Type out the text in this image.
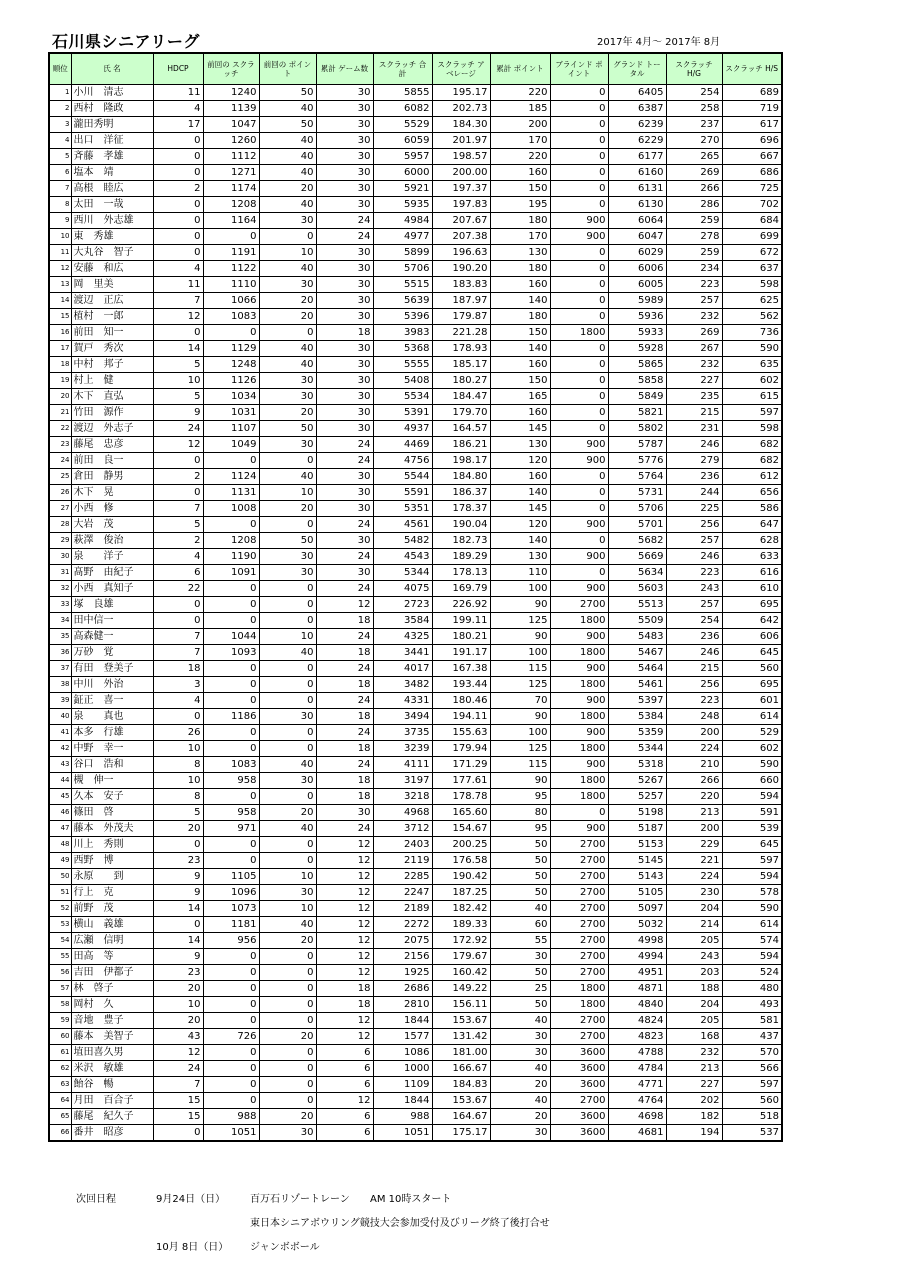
石川県シニアリーグ	2017年 4月～ 2017年 8月
順位	氏 名	HDCP	前回の スクラッチ	前回の ポイント	累計 ゲーム数	スクラッチ 合計	スクラッチ アベレージ	累計 ポイント	ブラインド ポイント	グランド トータル	スクラッチ H/G	スクラッチ H/S
1	小川　清志	11	1240	50	30	5855	195.17	220	0	6405	254	689
2	西村　隆政	4	1139	40	30	6082	202.73	185	0	6387	258	719
3	瀧田秀明	17	1047	50	30	5529	184.30	200	0	6239	237	617
4	出口　洋征	0	1260	40	30	6059	201.97	170	0	6229	270	696
5	斉藤　孝雄	0	1112	40	30	5957	198.57	220	0	6177	265	667
6	塩本　靖	0	1271	40	30	6000	200.00	160	0	6160	269	686
7	高根　睦広	2	1174	20	30	5921	197.37	150	0	6131	266	725
8	太田　一哉	0	1208	40	30	5935	197.83	195	0	6130	286	702
9	西川　外志雄	0	1164	30	24	4984	207.67	180	900	6064	259	684
10	東　秀雄	0	0	0	24	4977	207.38	170	900	6047	278	699
11	大丸谷　智子	0	1191	10	30	5899	196.63	130	0	6029	259	672
12	安藤　和広	4	1122	40	30	5706	190.20	180	0	6006	234	637
13	岡　里美	11	1110	30	30	5515	183.83	160	0	6005	223	598
14	渡辺　正広	7	1066	20	30	5639	187.97	140	0	5989	257	625
15	植村　一郎	12	1083	20	30	5396	179.87	180	0	5936	232	562
16	前田　知一	0	0	0	18	3983	221.28	150	1800	5933	269	736
17	賀戸　秀次	14	1129	40	30	5368	178.93	140	0	5928	267	590
18	中村　邦子	5	1248	40	30	5555	185.17	160	0	5865	232	635
19	村上　健	10	1126	30	30	5408	180.27	150	0	5858	227	602
20	木下　直弘	5	1034	30	30	5534	184.47	165	0	5849	235	615
21	竹田　源作	9	1031	20	30	5391	179.70	160	0	5821	215	597
22	渡辺　外志子	24	1107	50	30	4937	164.57	145	0	5802	231	598
23	藤尾　忠彦	12	1049	30	24	4469	186.21	130	900	5787	246	682
24	前田　良一	0	0	0	24	4756	198.17	120	900	5776	279	682
25	倉田　静男	2	1124	40	30	5544	184.80	160	0	5764	236	612
26	木下　晃	0	1131	10	30	5591	186.37	140	0	5731	244	656
27	小西　修	7	1008	20	30	5351	178.37	145	0	5706	225	586
28	大岩　茂	5	0	0	24	4561	190.04	120	900	5701	256	647
29	萩澤　俊治	2	1208	50	30	5482	182.73	140	0	5682	257	628
30	泉　　洋子	4	1190	30	24	4543	189.29	130	900	5669	246	633
31	髙野　由紀子	6	1091	30	30	5344	178.13	110	0	5634	223	616
32	小西　真知子	22	0	0	24	4075	169.79	100	900	5603	243	610
33	塚　良雄	0	0	0	12	2723	226.92	90	2700	5513	257	695
34	田中信一	0	0	0	18	3584	199.11	125	1800	5509	254	642
35	高森健一	7	1044	10	24	4325	180.21	90	900	5483	236	606
36	万砂　覚	7	1093	40	18	3441	191.17	100	1800	5467	246	645
37	有田　登美子	18	0	0	24	4017	167.38	115	900	5464	215	560
38	中川　外治	3	0	0	18	3482	193.44	125	1800	5461	256	695
39	鉦正　喜一	4	0	0	24	4331	180.46	70	900	5397	223	601
40	泉　　真也	0	1186	30	18	3494	194.11	90	1800	5384	248	614
41	本多　行雄	26	0	0	24	3735	155.63	100	900	5359	200	529
42	中野　幸一	10	0	0	18	3239	179.94	125	1800	5344	224	602
43	谷口　浩和	8	1083	40	24	4111	171.29	115	900	5318	210	590
44	槻　伸一	10	958	30	18	3197	177.61	90	1800	5267	266	660
45	久本　安子	8	0	0	18	3218	178.78	95	1800	5257	220	594
46	篠田　啓	5	958	20	30	4968	165.60	80	0	5198	213	591
47	藤本　外茂夫	20	971	40	24	3712	154.67	95	900	5187	200	539
48	川上　秀則	0	0	0	12	2403	200.25	50	2700	5153	229	645
49	西野　博	23	0	0	12	2119	176.58	50	2700	5145	221	597
50	永原　　到	9	1105	10	12	2285	190.42	50	2700	5143	224	594
51	行上　克	9	1096	30	12	2247	187.25	50	2700	5105	230	578
52	前野　茂	14	1073	10	12	2189	182.42	40	2700	5097	204	590
53	横山　義雄	0	1181	40	12	2272	189.33	60	2700	5032	214	614
54	広瀬　信明	14	956	20	12	2075	172.92	55	2700	4998	205	574
55	田高　等	9	0	0	12	2156	179.67	30	2700	4994	243	594
56	吉田　伊都子	23	0	0	12	1925	160.42	50	2700	4951	203	524
57	林　啓子	20	0	0	18	2686	149.22	25	1800	4871	188	480
58	岡村　久	10	0	0	18	2810	156.11	50	1800	4840	204	493
59	音地　豊子	20	0	0	12	1844	153.67	40	2700	4824	205	581
60	藤本　美智子	43	726	20	12	1577	131.42	30	2700	4823	168	437
61	埴田喜久男	12	0	0	6	1086	181.00	30	3600	4788	232	570
62	米沢　敏雄	24	0	0	6	1000	166.67	40	3600	4784	213	566
63	飴谷　暢	7	0	0	6	1109	184.83	20	3600	4771	227	597
64	月田　百合子	15	0	0	12	1844	153.67	40	2700	4764	202	560
65	藤尾　紀久子	15	988	20	6	988	164.67	20	3600	4698	182	518
66	番井　昭彦	0	1051	30	6	1051	175.17	30	3600	4681	194	537
次回日程	9月24日（日） 百万石リゾートレーン AM 10時スタート
東日本シニアボウリング競技大会参加受付及びリーグ終了後打合せ
10月 8日（日） ジャンボボール
